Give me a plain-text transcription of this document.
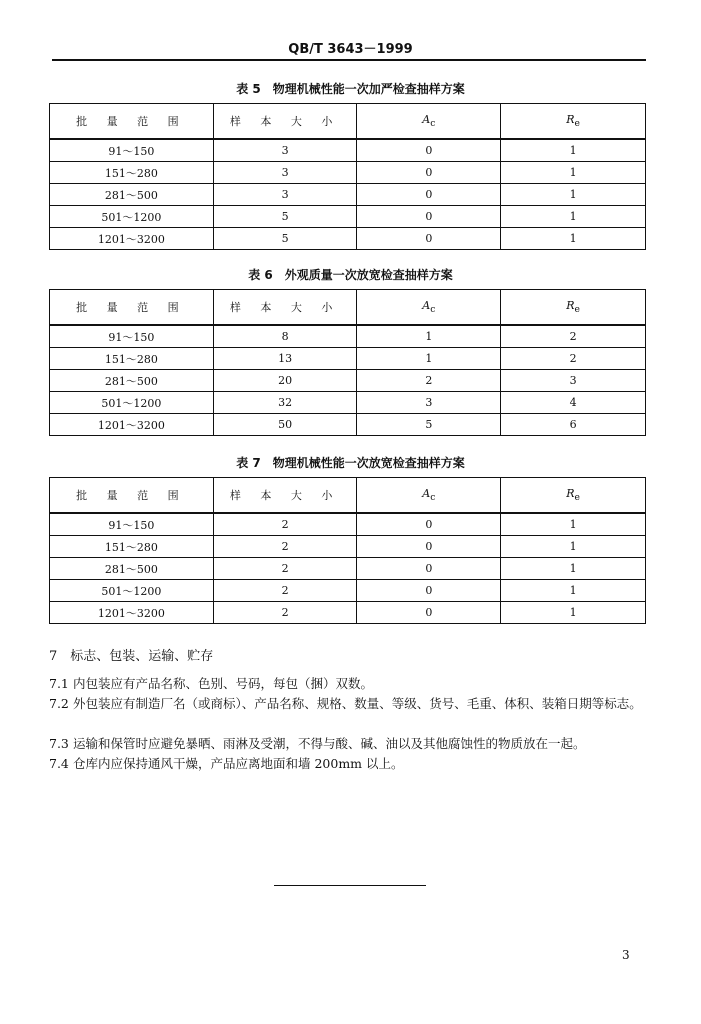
QB/T 3643－1999
表 5　物理机械性能一次加严检查抽样方案
批 量 范 围	样 本 大 小	$A_c$	$R_e$
91～150	3	0	1
151～280	3	0	1
281～500	3	0	1
501～1200	5	0	1
1201～3200	5	0	1
表 6　外观质量一次放宽检查抽样方案
批 量 范 围	样 本 大 小	$A_c$	$R_e$
91～150	8	1	2
151～280	13	1	2
281～500	20	2	3
501～1200	32	3	4
1201～3200	50	5	6
表 7　物理机械性能一次放宽检查抽样方案
批 量 范 围	样 本 大 小	$A_c$	$R_e$
91～150	2	0	1
151～280	2	0	1
281～500	2	0	1
501～1200	2	0	1
1201～3200	2	0	1
7　标志、包装、运输、贮存
7.1 内包装应有产品名称、色别、号码，每包（捆）双数。
7.2 外包装应有制造厂名（或商标）、产品名称、规格、数量、等级、货号、毛重、体积、装箱日期等标志。
7.3 运输和保管时应避免暴晒、雨淋及受潮，不得与酸、碱、油以及其他腐蚀性的物质放在一起。
7.4 仓库内应保持通风干燥，产品应离地面和墙 200mm 以上。
3
